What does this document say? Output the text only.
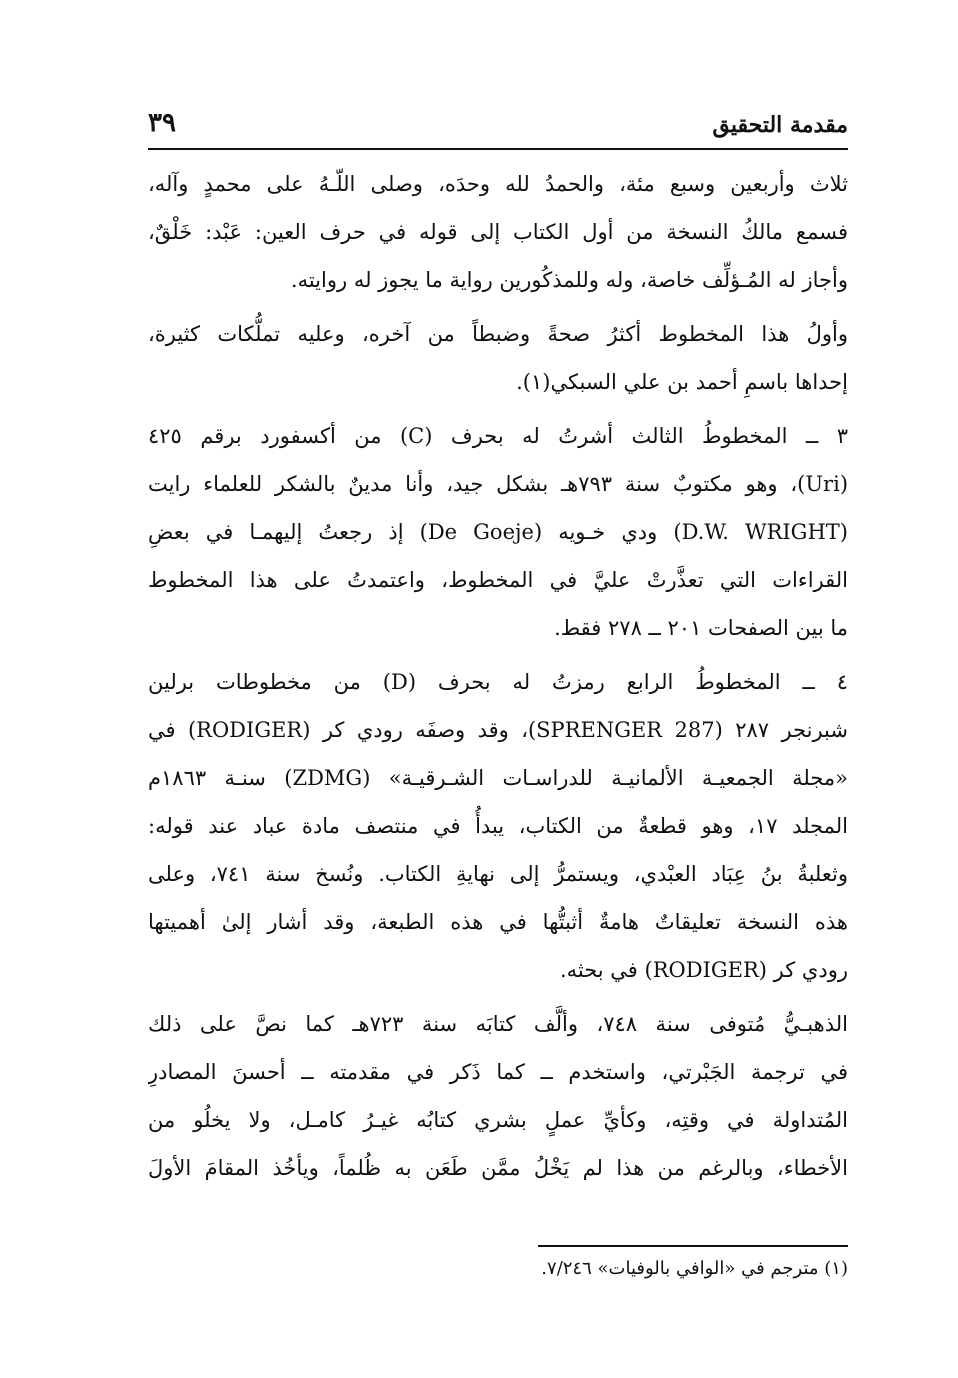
مقدمة التحقيق
٣٩
ثلاث وأربعين وسبع مئة، والحمدُ لله وحدَه، وصلى اللّـهُ على محمدٍ وآله،
فسمع مالكُ النسخة من أول الكتاب إلى قوله في حرف العين: عَبْد: خَلْقٌ،
وأجاز له المُـؤلِّف خاصة، وله وللمذكُورين رواية ما يجوز له روايته.
وأولُ هذا المخطوط أكثرُ صحةً وضبطاً من آخره، وعليه تملُّكات كثيرة،
إحداها باسمِ أحمد بن علي السبكي(١).
٣ ــ المخطوطُ الثالث أشرتُ له بحرف (C) من أكسفورد برقم ٤٢٥
(Uri)، وهو مكتوبٌ سنة ٧٩٣هـ بشكل جيد، وأنا مدينٌ بالشكر للعلماء رايت
(D.W. WRIGHT) ودي خـويه (De Goeje) إذ رجعتُ إليهمـا في بعضِ
القراءات التي تعذَّرتْ عليَّ في المخطوط، واعتمدتُ على هذا المخطوط
ما بين الصفحات ٢٠١ ــ ٢٧٨ فقط.
٤ ــ المخطوطُ الرابع رمزتُ له بحرف (D) من مخطوطات برلين
شبرنجر ٢٨٧ (SPRENGER 287)، وقد وصفَه رودي كر (RODIGER) في
«مجلة الجمعيـة الألمانيـة للدراسـات الشـرقيـة» (ZDMG) سنـة ١٨٦٣م
المجلد ١٧، وهو قطعةٌ من الكتاب، يبدأُ في منتصف مادة عباد عند قوله:
وثعلبةُ بنُ عِبَاد العبْدي، ويستمرُّ إلى نهايةِ الكتاب. ونُسخ سنة ٧٤١، وعلى
هذه النسخة تعليقاتٌ هامةٌ أثبتُّها في هذه الطبعة، وقد أشار إلىٰ أهميتها
رودي كر (RODIGER) في بحثه.
الذهبـيُّ مُتوفى سنة ٧٤٨، وألَّف كتابَه سنة ٧٢٣هـ كما نصَّ على ذلك
في ترجمة الجَبْرتي، واستخدم ــ كما ذَكر في مقدمته ــ أحسنَ المصادرِ
المُتداولة في وقتِه، وكأيِّ عملٍ بشري كتابُه غيـرُ كامـل، ولا يخلُو من
الأخطاء، وبالرغم من هذا لم يَخْلُ ممَّن طَعَن به ظُلماً، ويأخُذ المقامَ الأولَ
(١) مترجم في «الوافي بالوفيات» ٧/٢٤٦.
